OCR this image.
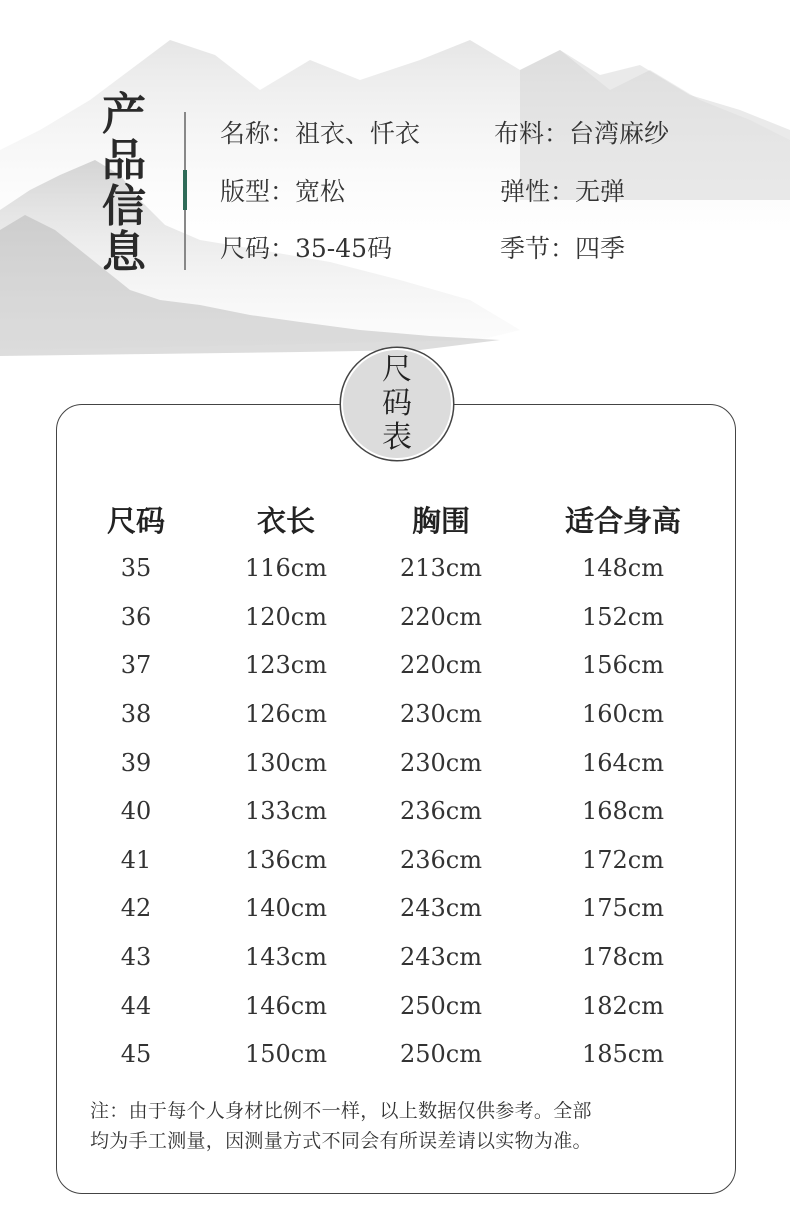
产
品
信
息
名称：祖衣、忏衣	布料：台湾麻纱
版型：宽松	弹性：无弹
尺码：35-45码	季节：四季
尺
码
表
尺码	衣长	胸围	适合身高
35	116cm	213cm	148cm
36	120cm	220cm	152cm
37	123cm	220cm	156cm
38	126cm	230cm	160cm
39	130cm	230cm	164cm
40	133cm	236cm	168cm
41	136cm	236cm	172cm
42	140cm	243cm	175cm
43	143cm	243cm	178cm
44	146cm	250cm	182cm
45	150cm	250cm	185cm
注：由于每个人身材比例不一样，以上数据仅供参考。全部
均为手工测量，因测量方式不同会有所误差请以实物为准。
